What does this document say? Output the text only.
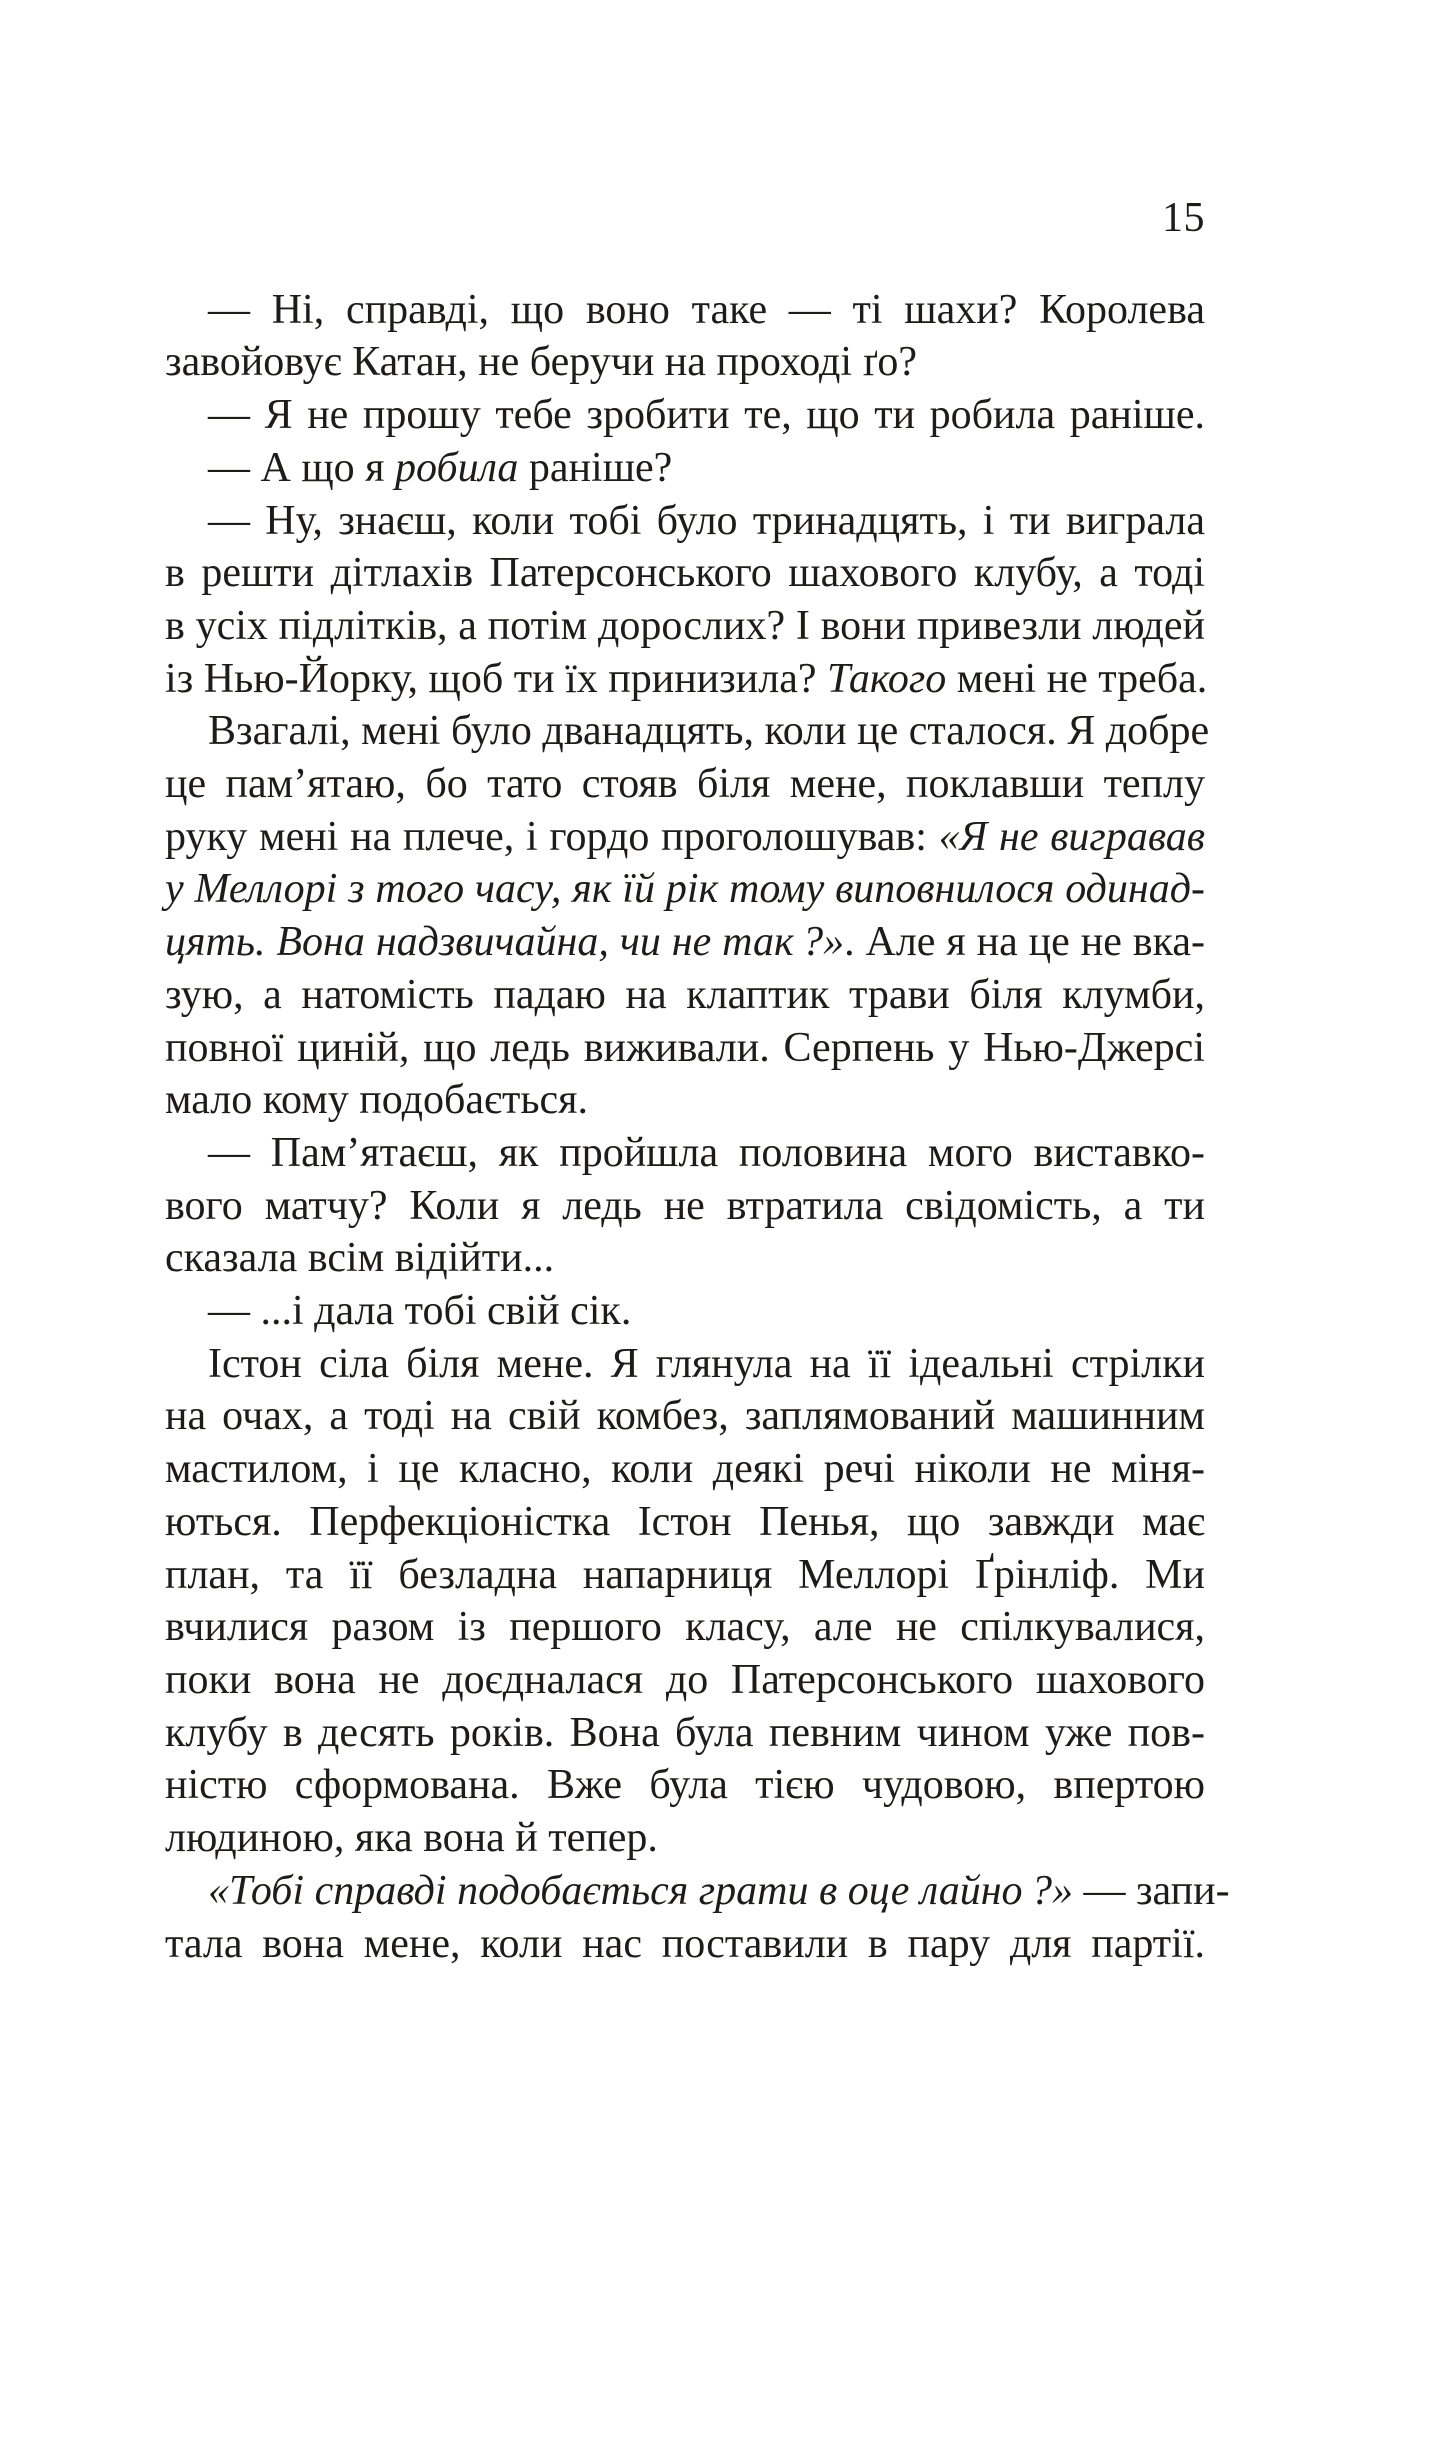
15
— Ні, справді, що воно таке — ті шахи? Королева
завойовує Катан, не беручи на проході ґо?
— Я не прошу тебе зробити те, що ти робила раніше.
— А що я робила раніше?
— Ну, знаєш, коли тобі було тринадцять, і ти виграла
в решти дітлахів Патерсонського шахового клубу, а тоді
в усіх підлітків, а потім дорослих? І вони привезли людей
із Нью-Йорку, щоб ти їх принизила? Такого мені не треба.
Взагалі, мені було дванадцять, коли це сталося. Я добре
це пам’ятаю, бо тато стояв біля мене, поклавши теплу
руку мені на плече, і гордо проголошував: «Я не вигравав
у Меллорі з того часу, як їй рік тому виповнилося одинад-
цять. Вона надзвичайна, чи не так ?». Але я на це не вка-
зую, а натомість падаю на клаптик трави біля клумби,
повної циній, що ледь виживали. Серпень у Нью-Джерсі
мало кому подобається.
— Пам’ятаєш, як пройшла половина мого виставко-
вого матчу? Коли я ледь не втратила свідомість, а ти
сказала всім відійти...
— ...і дала тобі свій сік.
Істон сіла біля мене. Я глянула на її ідеальні стрілки
на очах, а тоді на свій комбез, заплямований машинним
мастилом, і це класно, коли деякі речі ніколи не міня-
ються. Перфекціоністка Істон Пенья, що завжди має
план, та її безладна напарниця Меллорі Ґрінліф. Ми
вчилися разом із першого класу, але не спілкувалися,
поки вона не доєдналася до Патерсонського шахового
клубу в десять років. Вона була певним чином уже пов-
ністю сформована. Вже була тією чудовою, впертою
людиною, яка вона й тепер.
«Тобі справді подобається грати в оце лайно ?» — запи-
тала вона мене, коли нас поставили в пару для партії.
